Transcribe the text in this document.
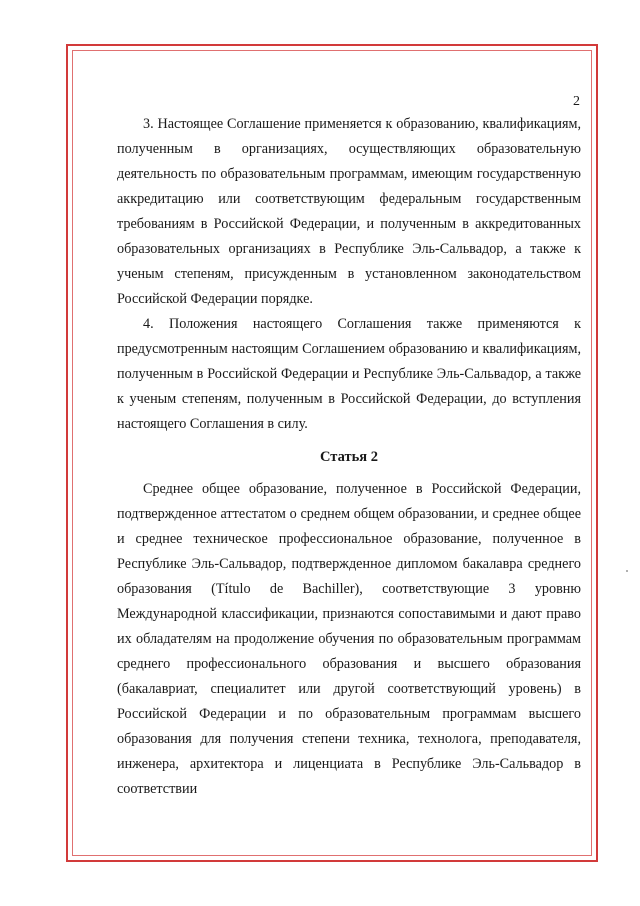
2

3. Настоящее Соглашение применяется к образованию, квалификациям, полученным в организациях, осуществляющих образовательную деятельность по образовательным программам, имеющим государственную аккредитацию или соответствующим федеральным государственным требованиям в Российской Федерации, и полученным в аккредитованных образовательных организациях в Республике Эль-Сальвадор, а также к ученым степеням, присужденным в установленном законодательством Российской Федерации порядке.

4. Положения настоящего Соглашения также применяются к предусмотренным настоящим Соглашением образованию и квалификациям, полученным в Российской Федерации и Республике Эль-Сальвадор, а также к ученым степеням, полученным в Российской Федерации, до вступления настоящего Соглашения в силу.

Статья 2

Среднее общее образование, полученное в Российской Федерации, подтвержденное аттестатом о среднем общем образовании, и среднее общее и среднее техническое профессиональное образование, полученное в Республике Эль-Сальвадор, подтвержденное дипломом бакалавра среднего образования (Título de Bachiller), соответствующие 3 уровню Международной классификации, признаются сопоставимыми и дают право их обладателям на продолжение обучения по образовательным программам среднего профессионального образования и высшего образования (бакалавриат, специалитет или другой соответствующий уровень) в Российской Федерации и по образовательным программам высшего образования для получения степени техника, технолога, преподавателя, инженера, архитектора и лиценциата в Республике Эль-Сальвадор в соответствии
